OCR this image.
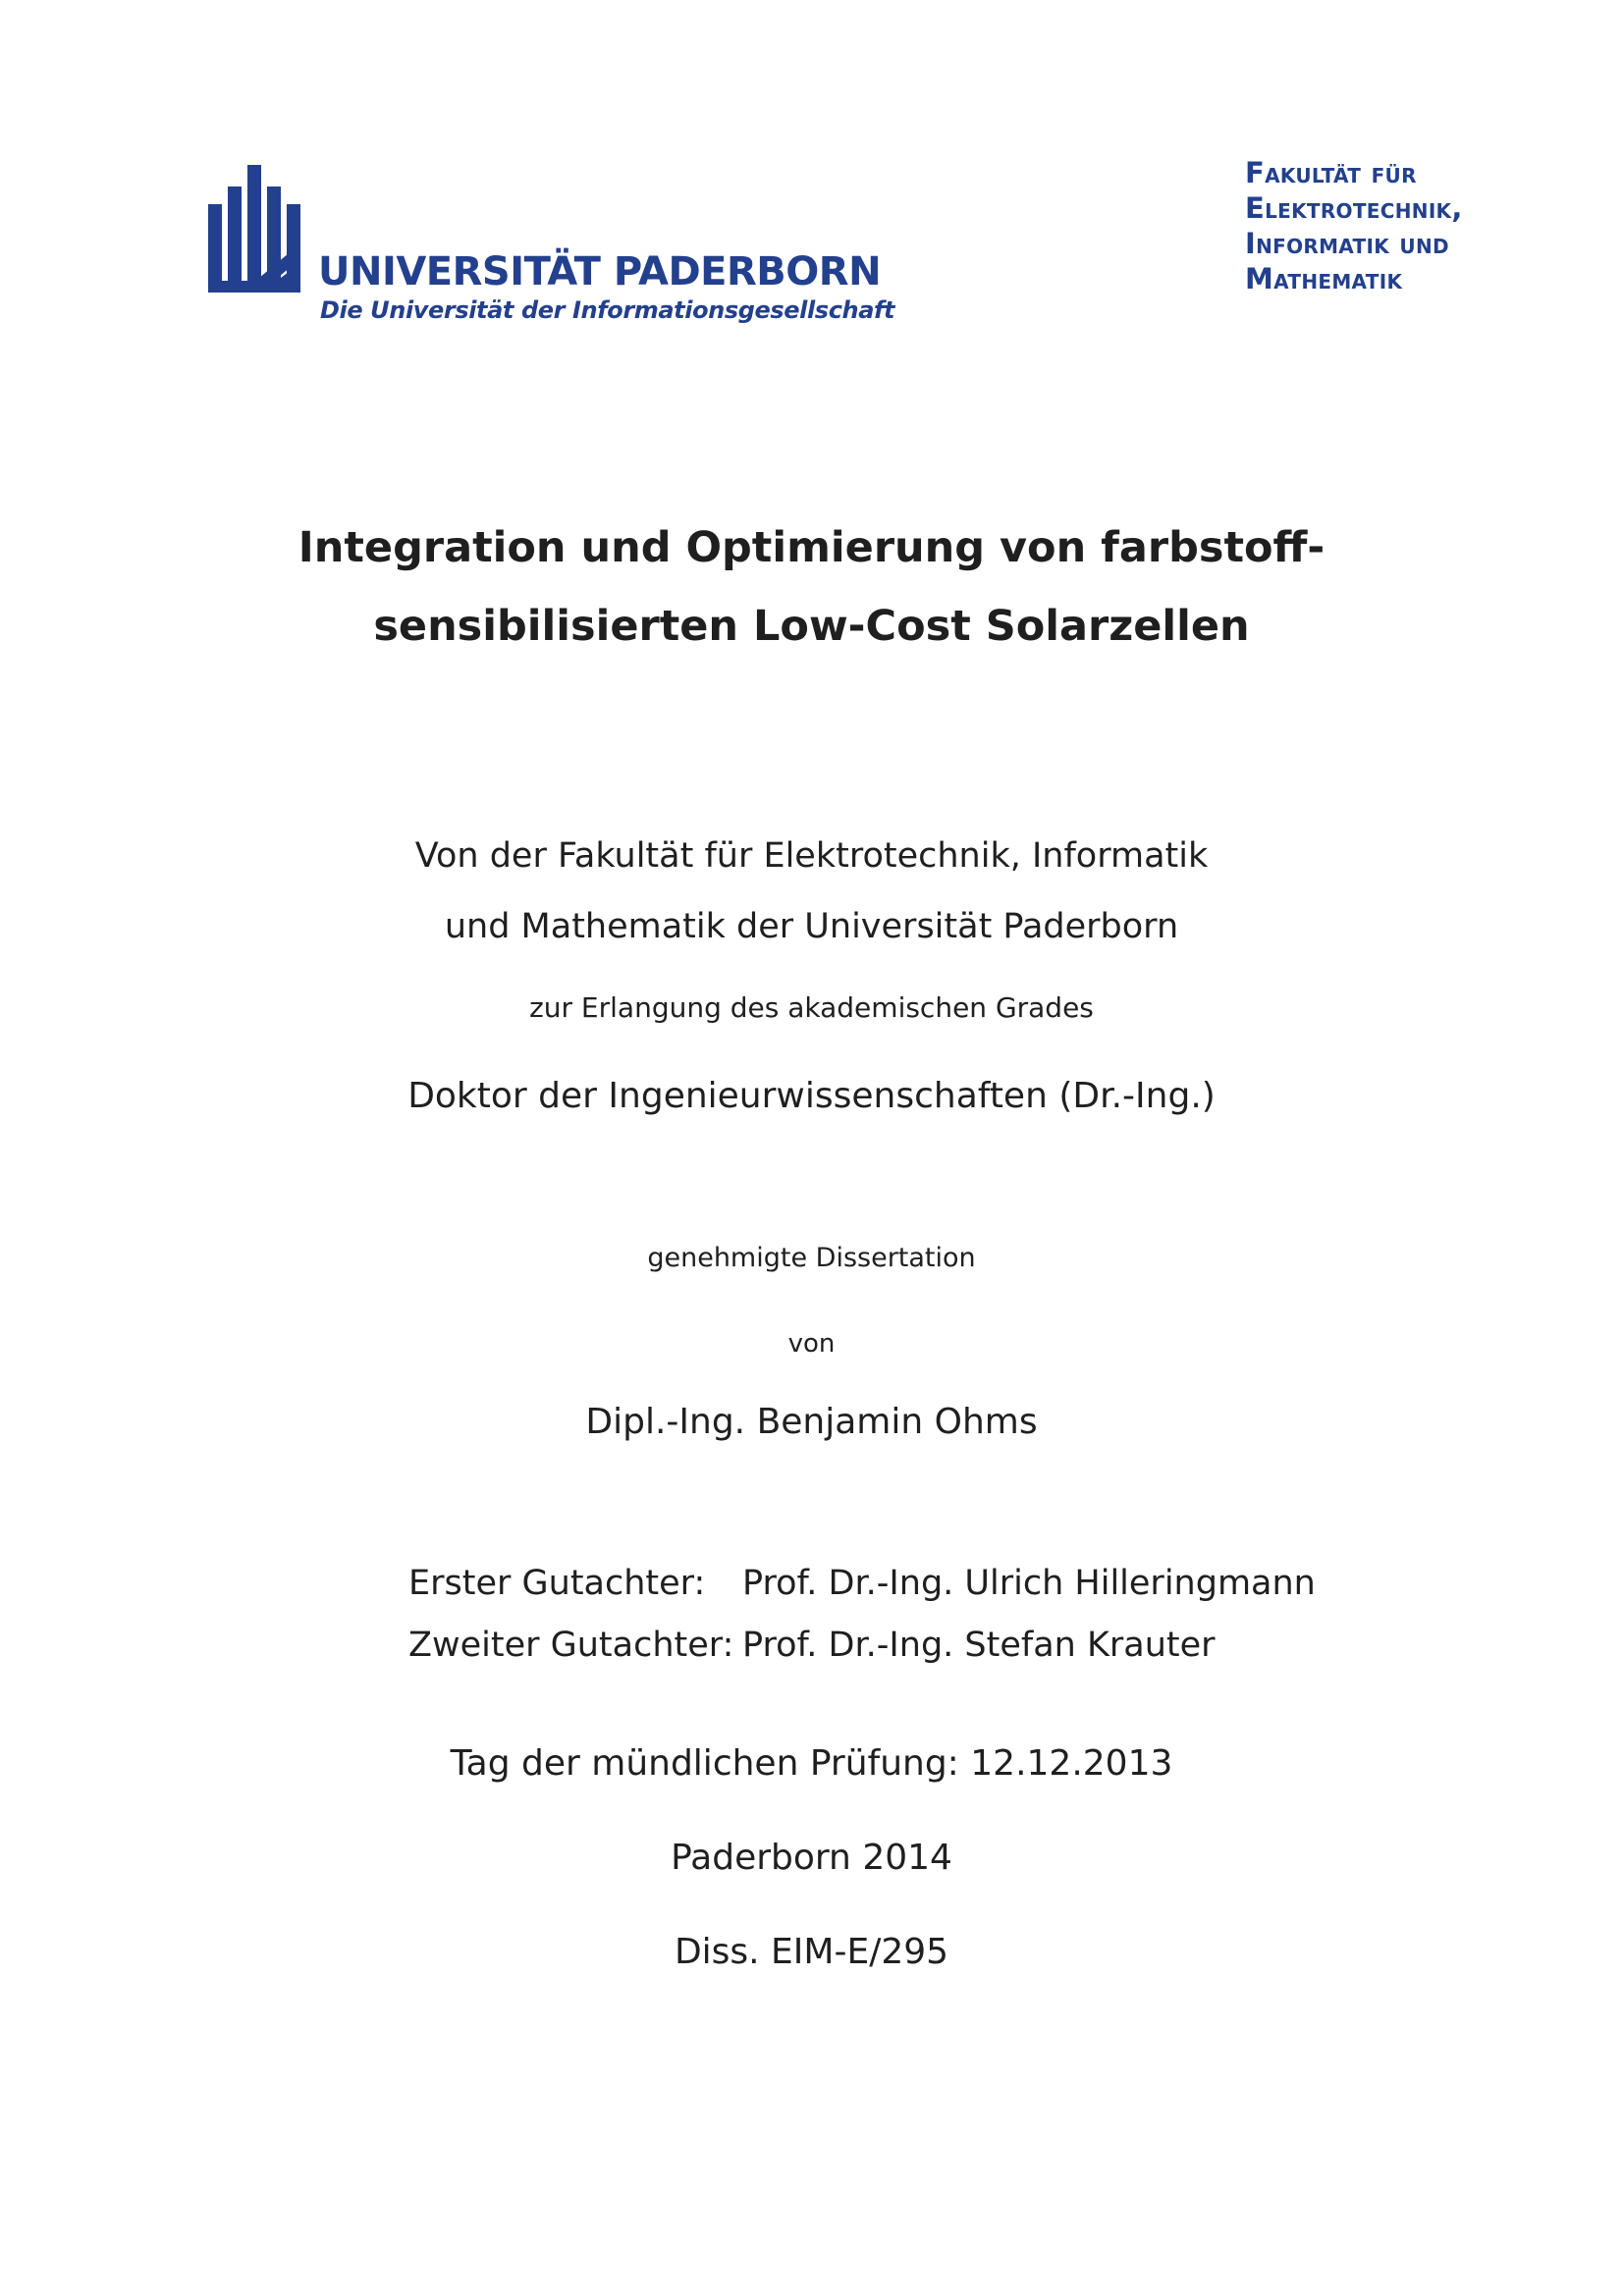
UNIVERSITÄT PADERBORN
Die Universität der Informationsgesellschaft
Fakultät für
Elektrotechnik,
Informatik und
Mathematik
Integration und Optimierung von farbstoff-
sensibilisierten Low-Cost Solarzellen
Von der Fakultät für Elektrotechnik, Informatik
und Mathematik der Universität Paderborn
zur Erlangung des akademischen Grades
Doktor der Ingenieurwissenschaften (Dr.-Ing.)
genehmigte Dissertation
von
Dipl.-Ing. Benjamin Ohms
Erster Gutachter:	Prof. Dr.-Ing. Ulrich Hilleringmann
Zweiter Gutachter: Prof. Dr.-Ing. Stefan Krauter
Tag der mündlichen Prüfung: 12.12.2013
Paderborn 2014
Diss. EIM-E/295
